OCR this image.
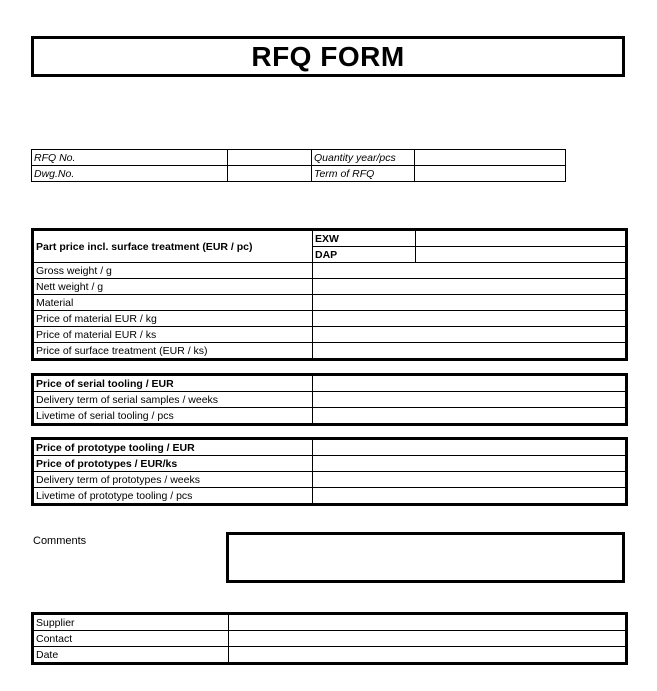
RFQ FORM
RFQ No.		Quantity year/pcs	
Dwg.No.		Term of RFQ	
Part price incl. surface treatment (EUR / pc)	EXW	
	DAP	
Gross weight / g		
Nett weight / g		
Material		
Price of material EUR / kg		
Price of material EUR / ks		
Price of surface treatment (EUR / ks)		
Price of serial tooling / EUR	
Delivery term of serial samples / weeks	
Livetime of serial tooling / pcs	
Price of prototype tooling / EUR	
Price of prototypes / EUR/ks	
Delivery term of prototypes / weeks	
Livetime of prototype tooling / pcs	
Comments
Supplier	
Contact	
Date	
